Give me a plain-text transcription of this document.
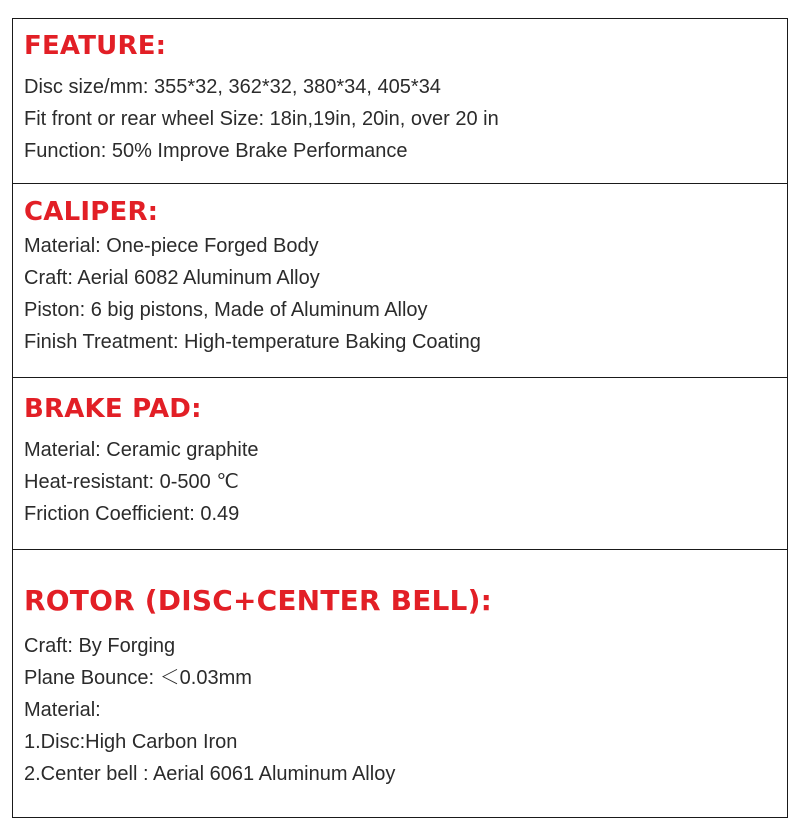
FEATURE:
Disc size/mm: 355*32, 362*32, 380*34, 405*34
Fit front or rear wheel Size: 18in,19in, 20in, over 20 in
Function: 50% Improve Brake Performance
CALIPER:
Material: One-piece Forged Body
Craft: Aerial 6082 Aluminum Alloy
Piston: 6 big pistons, Made of Aluminum Alloy
Finish Treatment: High-temperature Baking Coating
BRAKE PAD:
Material: Ceramic graphite
Heat-resistant: 0-500 ℃
Friction Coefficient: 0.49
ROTOR (DISC+CENTER BELL):
Craft: By Forging
Plane Bounce: ＜0.03mm
Material:
1.Disc:High Carbon Iron
2.Center bell : Aerial 6061 Aluminum Alloy
